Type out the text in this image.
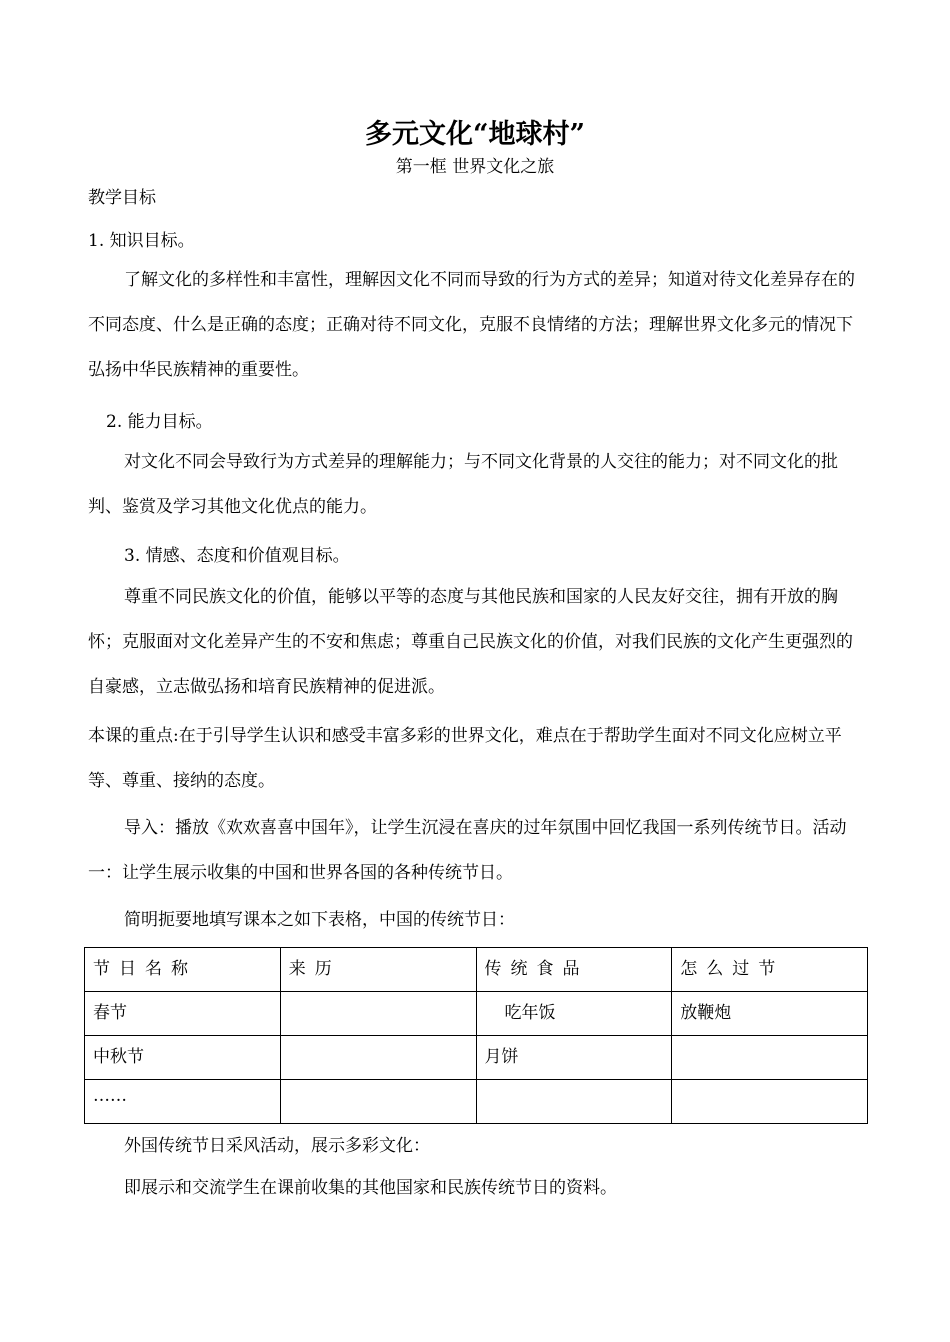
多元文化“地球村”
第一框 世界文化之旅
教学目标
1. 知识目标。
了解文化的多样性和丰富性，理解因文化不同而导致的行为方式的差异；知道对待文化差异存在的不同态度、什么是正确的态度；正确对待不同文化，克服不良情绪的方法；理解世界文化多元的情况下弘扬中华民族精神的重要性。
2. 能力目标。
对文化不同会导致行为方式差异的理解能力；与不同文化背景的人交往的能力；对不同文化的批判、鉴赏及学习其他文化优点的能力。
3. 情感、态度和价值观目标。
尊重不同民族文化的价值，能够以平等的态度与其他民族和国家的人民友好交往，拥有开放的胸怀；克服面对文化差异产生的不安和焦虑；尊重自己民族文化的价值，对我们民族的文化产生更强烈的自豪感，立志做弘扬和培育民族精神的促进派。
本课的重点:在于引导学生认识和感受丰富多彩的世界文化，难点在于帮助学生面对不同文化应树立平等、尊重、接纳的态度。
导入：播放《欢欢喜喜中国年》，让学生沉浸在喜庆的过年氛围中回忆我国一系列传统节日。活动一：让学生展示收集的中国和世界各国的各种传统节日。
简明扼要地填写课本之如下表格，中国的传统节日：
节日名称	来历	传统食品	怎么过节
春节		吃年饭	放鞭炮
中秋节		月饼	
……			
外国传统节日采风活动，展示多彩文化：
即展示和交流学生在课前收集的其他国家和民族传统节日的资料。
